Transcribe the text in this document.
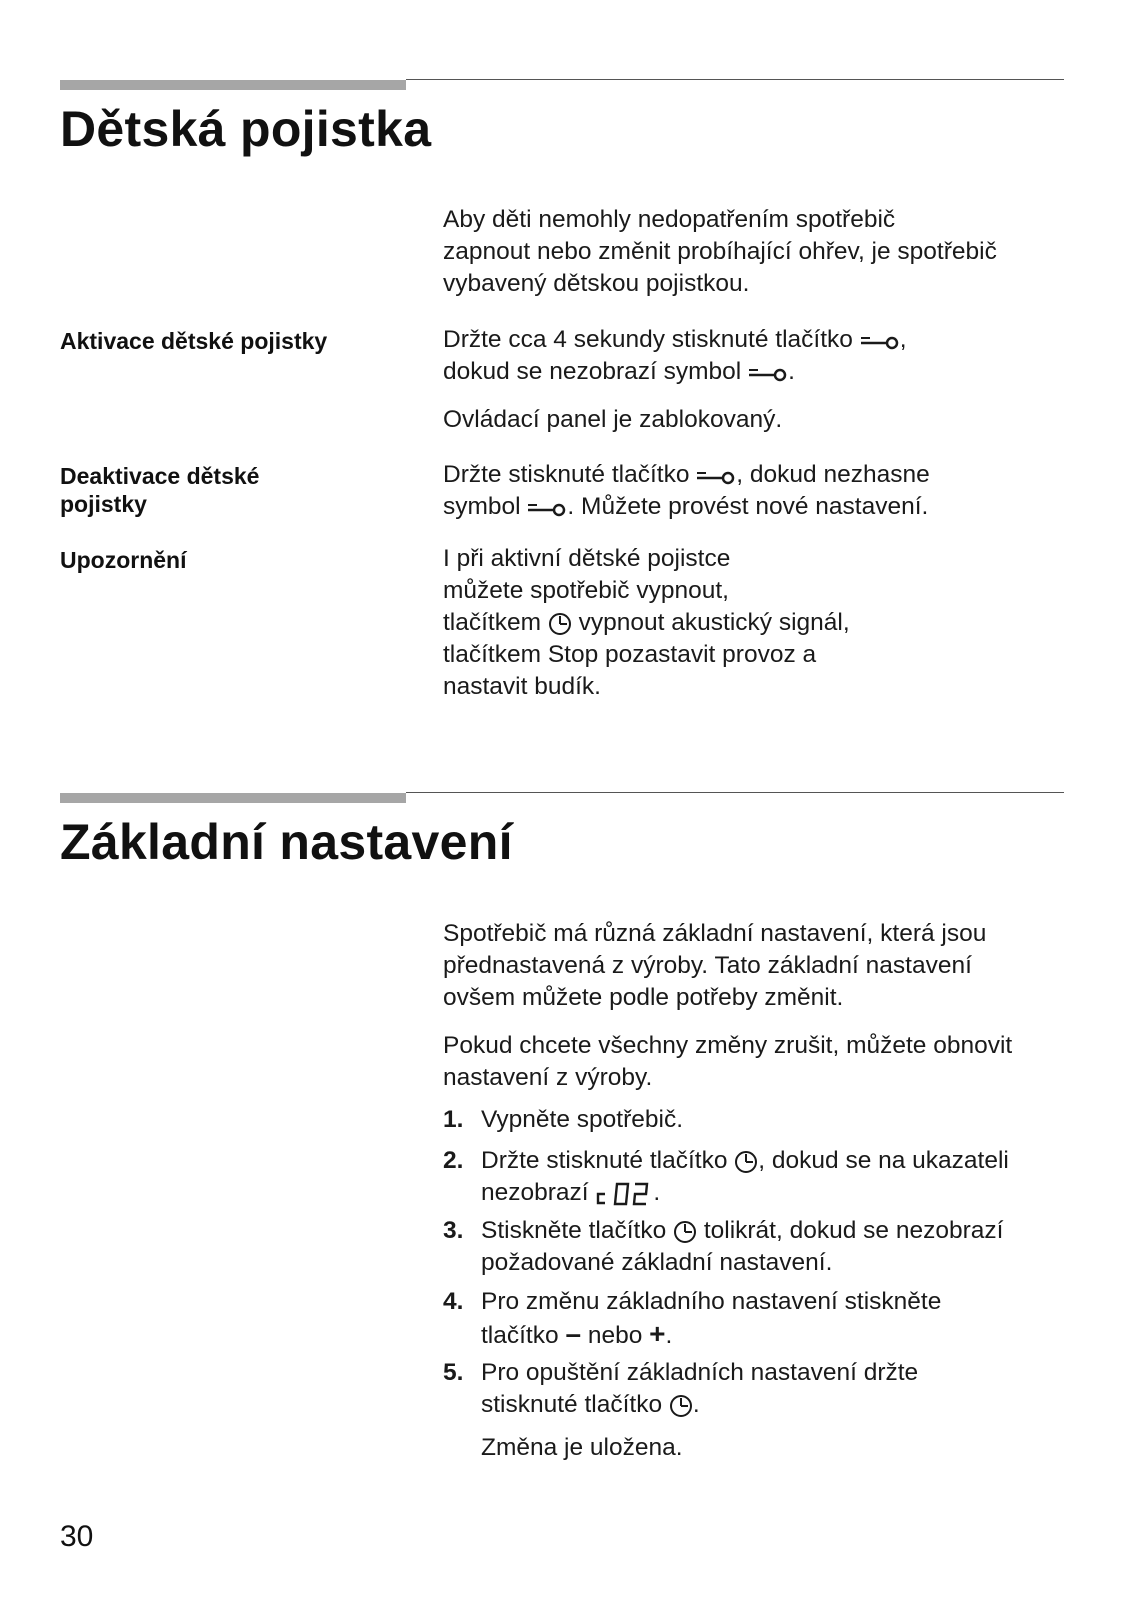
Dětská pojistka

Aby děti nemohly nedopatřením spotřebič

zapnout nebo změnit probíhající ohřev, je spotřebič

vybavený dětskou pojistkou.

Aktivace dětské pojistky	Držte cca 4 sekundy stisknuté tlačítko
,

dokud se nezobrazí symbol
.

Ovládací panel je zablokovaný.
Deaktivace dětské
pojistky

Držte stisknuté tlačítko
, dokud nezhasne

symbol
. Můžete provést nové nastavení.

Upozornění	I při aktivní dětské pojistce

můžete spotřebič vypnout,

tlačítkem
vypnout akustický signál,

tlačítkem Stop pozastavit provoz a

nastavit budík.

Základní nastavení

Spotřebič má různá základní nastavení, která jsou

přednastavená z výroby. Tato základní nastavení

ovšem můžete podle potřeby změnit.

Pokud chcete všechny změny zrušit, můžete obnovit

nastavení z výroby.

1. Vypněte spotřebič.
2. Držte stisknuté tlačítko
, dokud se na ukazateli
nezobrazí
.
3. Stiskněte tlačítko
tolikrát, dokud se nezobrazí
požadované základní nastavení.
4. Pro změnu základního nastavení stiskněte
tlačítko – nebo +.
5. Pro opuštění základních nastavení držte
stisknuté tlačítko
.
Změna je uložena.
30
